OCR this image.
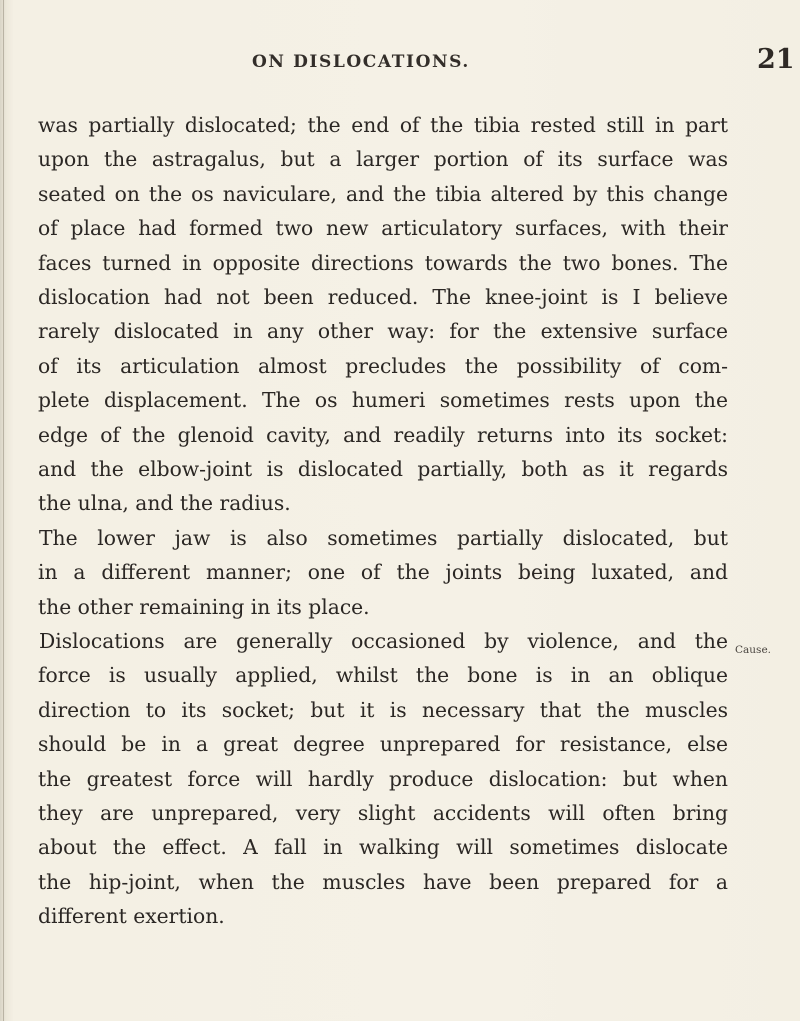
ON DISLOCATIONS.	21
was partially dislocated; the end of the tibia rested still in part
upon the astragalus, but a larger portion of its surface was
seated on the os naviculare, and the tibia altered by this change
of place had formed two new articulatory surfaces, with their
faces turned in opposite directions towards the two bones. The
dislocation had not been reduced. The knee-joint is I believe
rarely dislocated in any other way: for the extensive surface
of its articulation almost precludes the possibility of com-
plete displacement. The os humeri sometimes rests upon the
edge of the glenoid cavity, and readily returns into its socket:
and the elbow-joint is dislocated partially, both as it regards
the ulna, and the radius.
The lower jaw is also sometimes partially dislocated, but
in a different manner; one of the joints being luxated, and
the other remaining in its place.
Dislocations are generally occasioned by violence, and the
force is usually applied, whilst the bone is in an oblique
direction to its socket; but it is necessary that the muscles
should be in a great degree unprepared for resistance, else
the greatest force will hardly produce dislocation: but when
they are unprepared, very slight accidents will often bring
about the effect. A fall in walking will sometimes dislocate
the hip-joint, when the muscles have been prepared for a
different exertion.
Cause.
